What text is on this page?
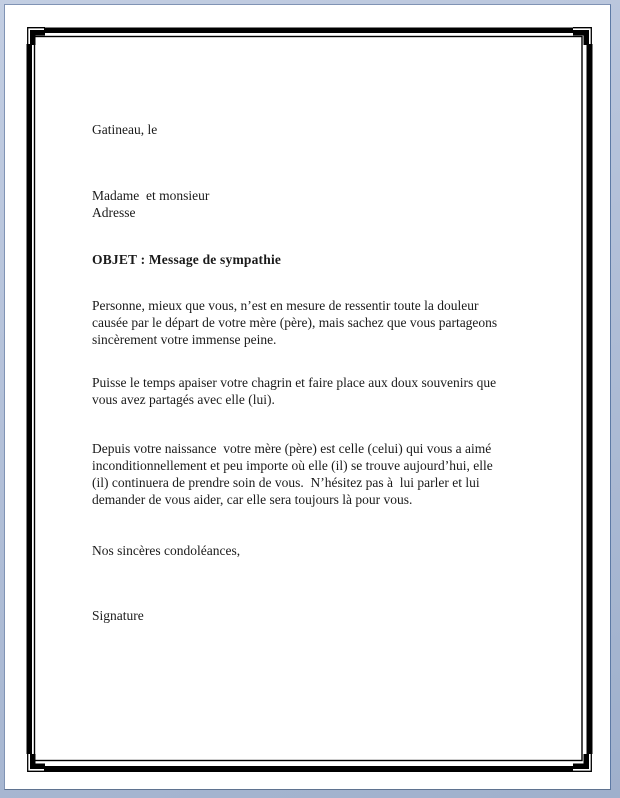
Gatineau, le
Madame  et monsieur
Adresse
OBJET : Message de sympathie
Personne, mieux que vous, n’est en mesure de ressentir toute la douleur
causée par le départ de votre mère (père), mais sachez que vous partageons
sincèrement votre immense peine.
Puisse le temps apaiser votre chagrin et faire place aux doux souvenirs que
vous avez partagés avec elle (lui).
Depuis votre naissance  votre mère (père) est celle (celui) qui vous a aimé
inconditionnellement et peu importe où elle (il) se trouve aujourd’hui, elle
(il) continuera de prendre soin de vous.  N’hésitez pas à  lui parler et lui
demander de vous aider, car elle sera toujours là pour vous.
Nos sincères condoléances,
Signature
